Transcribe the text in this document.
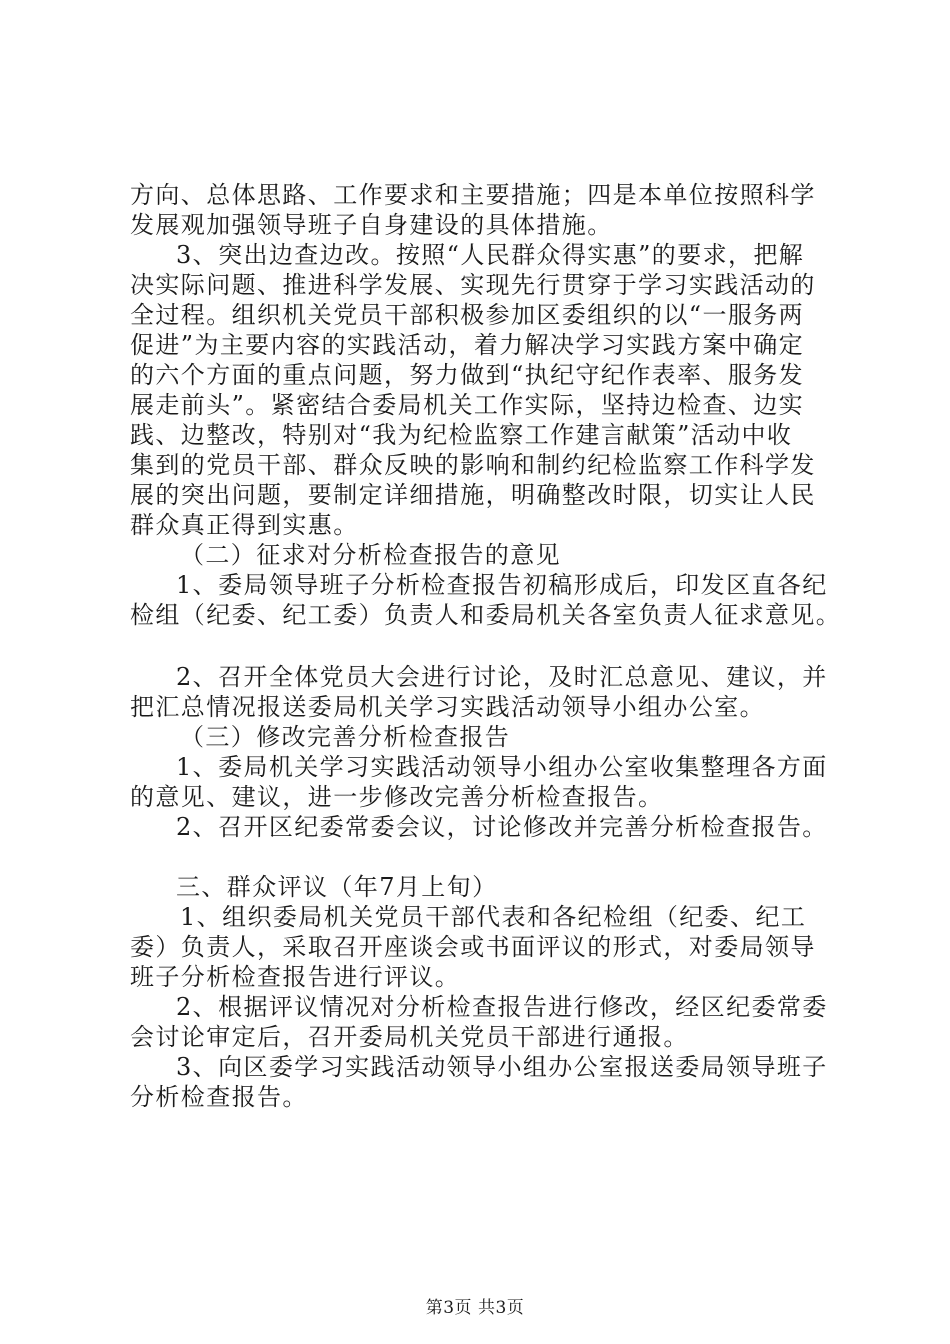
方向、总体思路、工作要求和主要措施；四是本单位按照科学
发展观加强领导班子自身建设的具体措施。
3、突出边查边改。按照“人民群众得实惠”的要求，把解
决实际问题、推进科学发展、实现先行贯穿于学习实践活动的
全过程。组织机关党员干部积极参加区委组织的以“一服务两
促进”为主要内容的实践活动，着力解决学习实践方案中确定
的六个方面的重点问题，努力做到“执纪守纪作表率、服务发
展走前头”。紧密结合委局机关工作实际，坚持边检查、边实
践、边整改，特别对“我为纪检监察工作建言献策”活动中收
集到的党员干部、群众反映的影响和制约纪检监察工作科学发
展的突出问题，要制定详细措施，明确整改时限，切实让人民
群众真正得到实惠。
（二）征求对分析检查报告的意见
1、委局领导班子分析检查报告初稿形成后，印发区直各纪
检组（纪委、纪工委）负责人和委局机关各室负责人征求意见。
2、召开全体党员大会进行讨论，及时汇总意见、建议，并
把汇总情况报送委局机关学习实践活动领导小组办公室。
（三）修改完善分析检查报告
1、委局机关学习实践活动领导小组办公室收集整理各方面
的意见、建议，进一步修改完善分析检查报告。
2、召开区纪委常委会议，讨论修改并完善分析检查报告。
三、群众评议（年7月上旬）
1、组织委局机关党员干部代表和各纪检组（纪委、纪工
委）负责人，采取召开座谈会或书面评议的形式，对委局领导
班子分析检查报告进行评议。
2、根据评议情况对分析检查报告进行修改，经区纪委常委
会讨论审定后，召开委局机关党员干部进行通报。
3、向区委学习实践活动领导小组办公室报送委局领导班子
分析检查报告。
第3页 共3页
